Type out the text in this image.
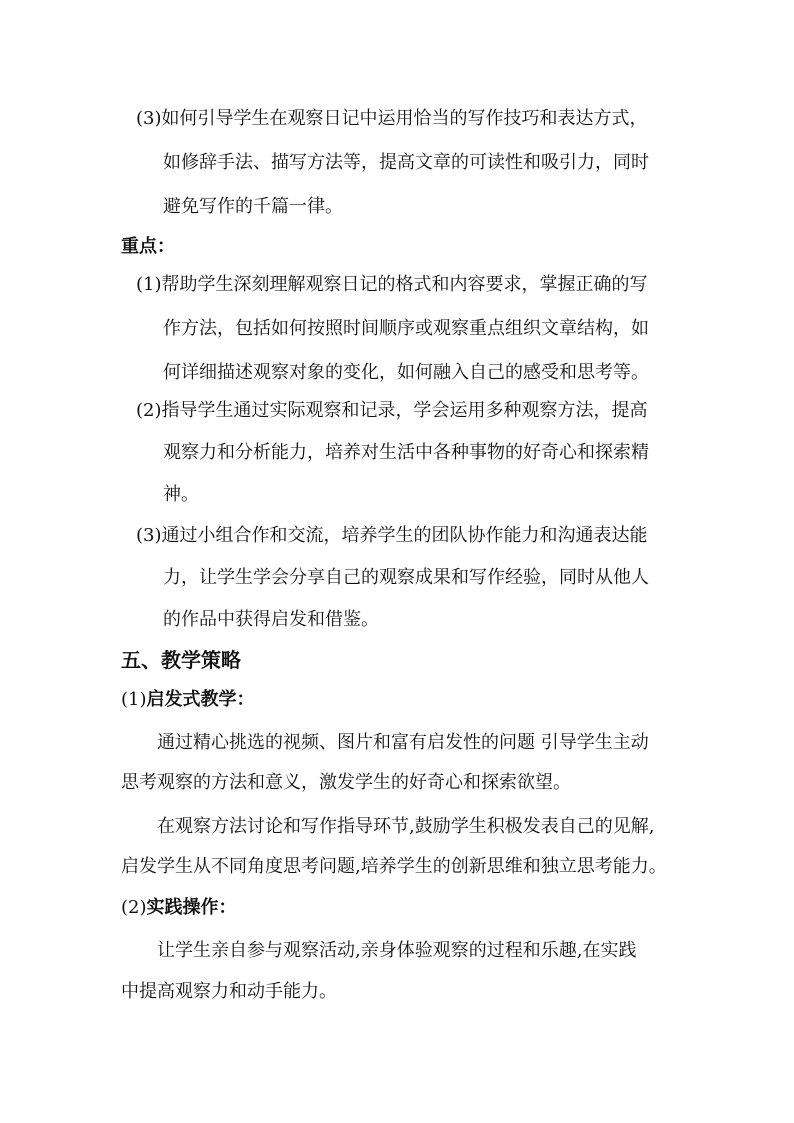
(3)如何引导学生在观察日记中运用恰当的写作技巧和表达方式，
如修辞手法、描写方法等，提高文章的可读性和吸引力，同时
避免写作的千篇一律。
重点：
(1)帮助学生深刻理解观察日记的格式和内容要求，掌握正确的写
作方法，包括如何按照时间顺序或观察重点组织文章结构，如
何详细描述观察对象的变化，如何融入自己的感受和思考等。
(2)指导学生通过实际观察和记录，学会运用多种观察方法，提高
观察力和分析能力，培养对生活中各种事物的好奇心和探索精
神。
(3)通过小组合作和交流，培养学生的团队协作能力和沟通表达能
力，让学生学会分享自己的观察成果和写作经验，同时从他人
的作品中获得启发和借鉴。
五、教学策略
(1)启发式教学：
通过精心挑选的视频、图片和富有启发性的问题 引导学生主动
思考观察的方法和意义，激发学生的好奇心和探索欲望。
在观察方法讨论和写作指导环节,鼓励学生积极发表自己的见解,
启发学生从不同角度思考问题,培养学生的创新思维和独立思考能力。
(2)实践操作：
让学生亲自参与观察活动,亲身体验观察的过程和乐趣,在实践
中提高观察力和动手能力。
